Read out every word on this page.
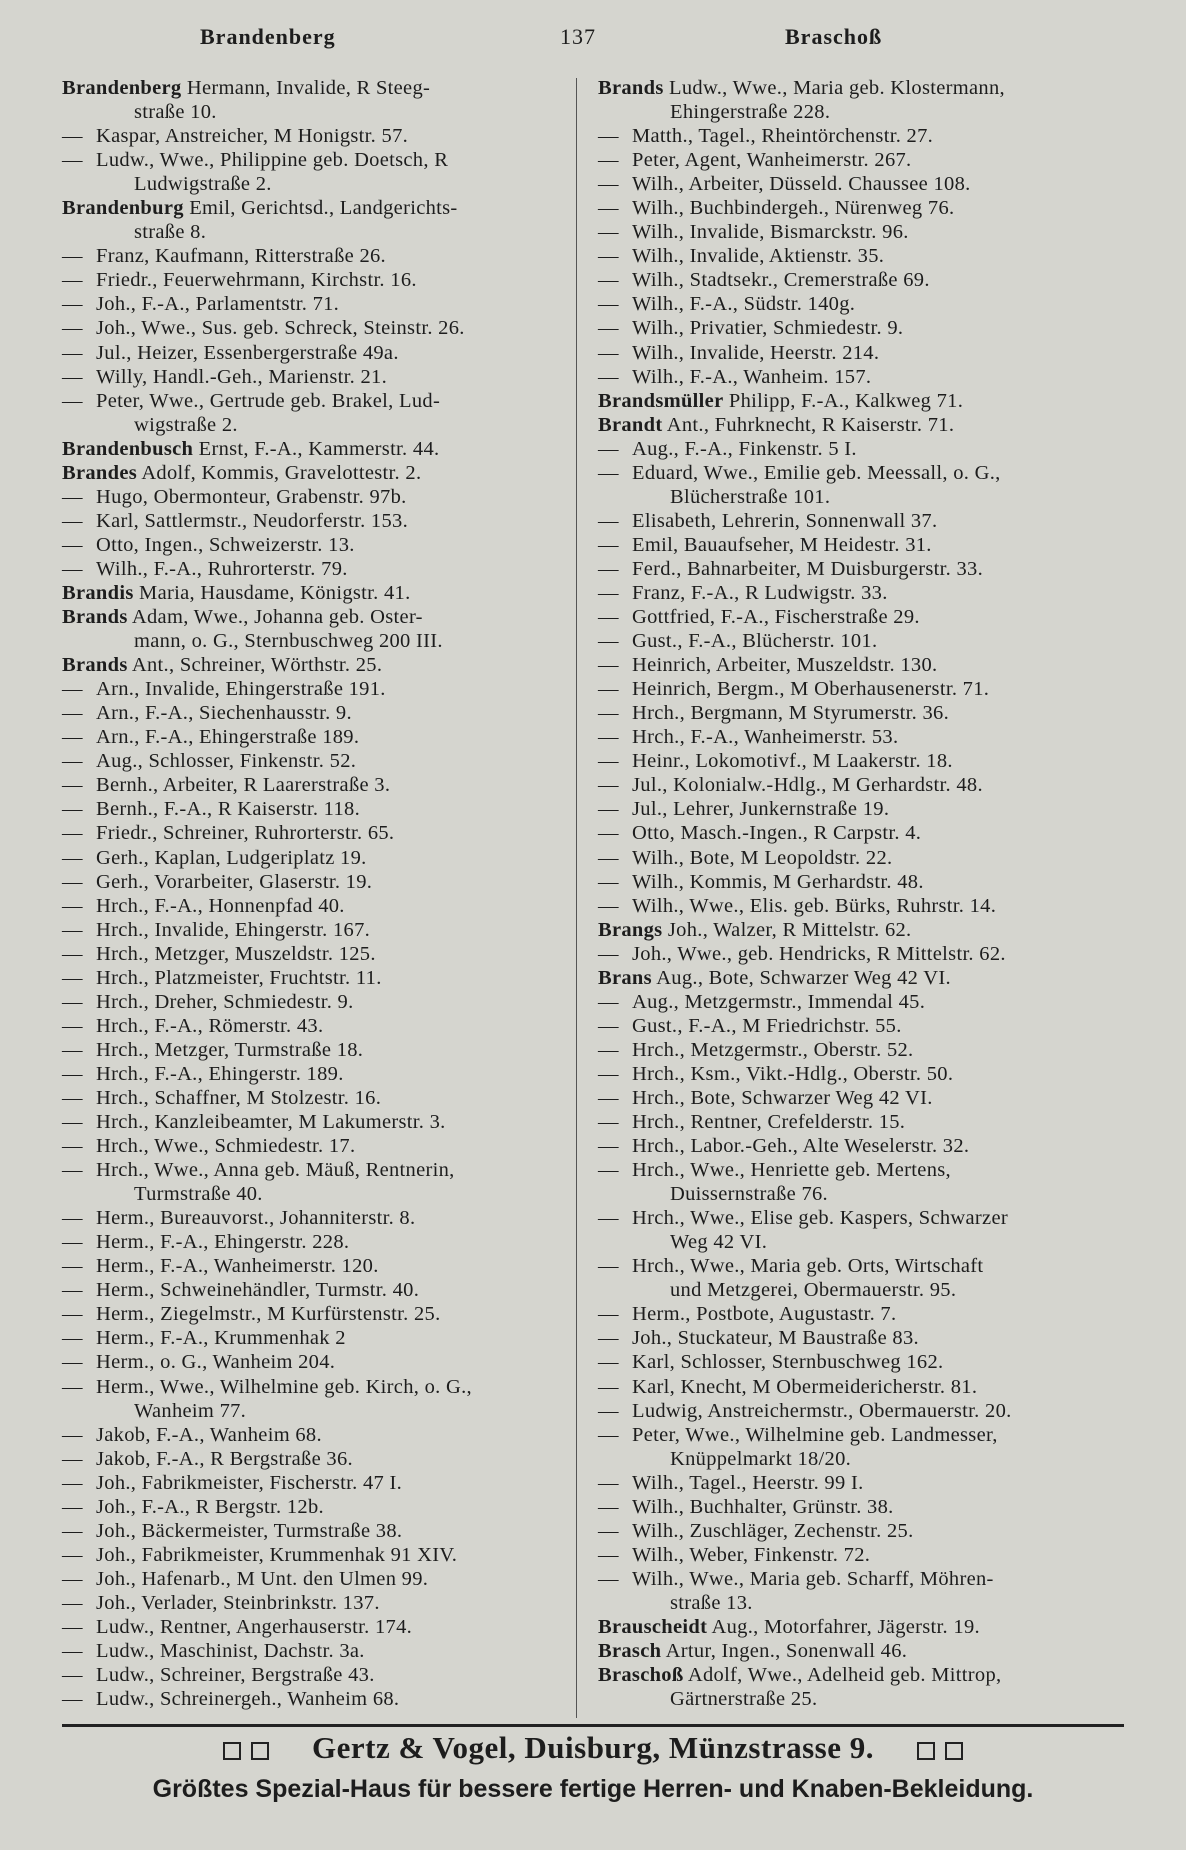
Brandenberg	137	Braschoß
Brandenberg Hermann, Invalide, R Steeg-
straße 10.
— Kaspar, Anstreicher, M Honigstr. 57.
— Ludw., Wwe., Philippine geb. Doetsch, R
Ludwigstraße 2.
Brandenburg Emil, Gerichtsd., Landgerichts-
straße 8.
— Franz, Kaufmann, Ritterstraße 26.
— Friedr., Feuerwehrmann, Kirchstr. 16.
— Joh., F.-A., Parlamentstr. 71.
— Joh., Wwe., Sus. geb. Schreck, Steinstr. 26.
— Jul., Heizer, Essenbergerstraße 49a.
— Willy, Handl.-Geh., Marienstr. 21.
— Peter, Wwe., Gertrude geb. Brakel, Lud-
wigstraße 2.
Brandenbusch Ernst, F.-A., Kammerstr. 44.
Brandes Adolf, Kommis, Gravelottestr. 2.
— Hugo, Obermonteur, Grabenstr. 97b.
— Karl, Sattlermstr., Neudorferstr. 153.
— Otto, Ingen., Schweizerstr. 13.
— Wilh., F.-A., Ruhrorterstr. 79.
Brandis Maria, Hausdame, Königstr. 41.
Brands Adam, Wwe., Johanna geb. Oster-
mann, o. G., Sternbuschweg 200 III.
Brands Ant., Schreiner, Wörthstr. 25.
— Arn., Invalide, Ehingerstraße 191.
— Arn., F.-A., Siechenhausstr. 9.
— Arn., F.-A., Ehingerstraße 189.
— Aug., Schlosser, Finkenstr. 52.
— Bernh., Arbeiter, R Laarerstraße 3.
— Bernh., F.-A., R Kaiserstr. 118.
— Friedr., Schreiner, Ruhrorterstr. 65.
— Gerh., Kaplan, Ludgeriplatz 19.
— Gerh., Vorarbeiter, Glaserstr. 19.
— Hrch., F.-A., Honnenpfad 40.
— Hrch., Invalide, Ehingerstr. 167.
— Hrch., Metzger, Muszeldstr. 125.
— Hrch., Platzmeister, Fruchtstr. 11.
— Hrch., Dreher, Schmiedestr. 9.
— Hrch., F.-A., Römerstr. 43.
— Hrch., Metzger, Turmstraße 18.
— Hrch., F.-A., Ehingerstr. 189.
— Hrch., Schaffner, M Stolzestr. 16.
— Hrch., Kanzleibeamter, M Lakumerstr. 3.
— Hrch., Wwe., Schmiedestr. 17.
— Hrch., Wwe., Anna geb. Mäuß, Rentnerin,
Turmstraße 40.
— Herm., Bureauvorst., Johanniterstr. 8.
— Herm., F.-A., Ehingerstr. 228.
— Herm., F.-A., Wanheimerstr. 120.
— Herm., Schweinehändler, Turmstr. 40.
— Herm., Ziegelmstr., M Kurfürstenstr. 25.
— Herm., F.-A., Krummenhak 2
— Herm., o. G., Wanheim 204.
— Herm., Wwe., Wilhelmine geb. Kirch, o. G.,
Wanheim 77.
— Jakob, F.-A., Wanheim 68.
— Jakob, F.-A., R Bergstraße 36.
— Joh., Fabrikmeister, Fischerstr. 47 I.
— Joh., F.-A., R Bergstr. 12b.
— Joh., Bäckermeister, Turmstraße 38.
— Joh., Fabrikmeister, Krummenhak 91 XIV.
— Joh., Hafenarb., M Unt. den Ulmen 99.
— Joh., Verlader, Steinbrinkstr. 137.
— Ludw., Rentner, Angerhauserstr. 174.
— Ludw., Maschinist, Dachstr. 3a.
— Ludw., Schreiner, Bergstraße 43.
— Ludw., Schreinergeh., Wanheim 68.
Brands Ludw., Wwe., Maria geb. Klostermann,
Ehingerstraße 228.
— Matth., Tagel., Rheintörchenstr. 27.
— Peter, Agent, Wanheimerstr. 267.
— Wilh., Arbeiter, Düsseld. Chaussee 108.
— Wilh., Buchbindergeh., Nürenweg 76.
— Wilh., Invalide, Bismarckstr. 96.
— Wilh., Invalide, Aktienstr. 35.
— Wilh., Stadtsekr., Cremerstraße 69.
— Wilh., F.-A., Südstr. 140g.
— Wilh., Privatier, Schmiedestr. 9.
— Wilh., Invalide, Heerstr. 214.
— Wilh., F.-A., Wanheim. 157.
Brandsmüller Philipp, F.-A., Kalkweg 71.
Brandt Ant., Fuhrknecht, R Kaiserstr. 71.
— Aug., F.-A., Finkenstr. 5 I.
— Eduard, Wwe., Emilie geb. Meessall, o. G.,
Blücherstraße 101.
— Elisabeth, Lehrerin, Sonnenwall 37.
— Emil, Bauaufseher, M Heidestr. 31.
— Ferd., Bahnarbeiter, M Duisburgerstr. 33.
— Franz, F.-A., R Ludwigstr. 33.
— Gottfried, F.-A., Fischerstraße 29.
— Gust., F.-A., Blücherstr. 101.
— Heinrich, Arbeiter, Muszeldstr. 130.
— Heinrich, Bergm., M Oberhausenerstr. 71.
— Hrch., Bergmann, M Styrumerstr. 36.
— Hrch., F.-A., Wanheimerstr. 53.
— Heinr., Lokomotivf., M Laakerstr. 18.
— Jul., Kolonialw.-Hdlg., M Gerhardstr. 48.
— Jul., Lehrer, Junkernstraße 19.
— Otto, Masch.-Ingen., R Carpstr. 4.
— Wilh., Bote, M Leopoldstr. 22.
— Wilh., Kommis, M Gerhardstr. 48.
— Wilh., Wwe., Elis. geb. Bürks, Ruhrstr. 14.
Brangs Joh., Walzer, R Mittelstr. 62.
— Joh., Wwe., geb. Hendricks, R Mittelstr. 62.
Brans Aug., Bote, Schwarzer Weg 42 VI.
— Aug., Metzgermstr., Immendal 45.
— Gust., F.-A., M Friedrichstr. 55.
— Hrch., Metzgermstr., Oberstr. 52.
— Hrch., Ksm., Vikt.-Hdlg., Oberstr. 50.
— Hrch., Bote, Schwarzer Weg 42 VI.
— Hrch., Rentner, Crefelderstr. 15.
— Hrch., Labor.-Geh., Alte Weselerstr. 32.
— Hrch., Wwe., Henriette geb. Mertens,
Duissernstraße 76.
— Hrch., Wwe., Elise geb. Kaspers, Schwarzer
Weg 42 VI.
— Hrch., Wwe., Maria geb. Orts, Wirtschaft
und Metzgerei, Obermauerstr. 95.
— Herm., Postbote, Augustastr. 7.
— Joh., Stuckateur, M Baustraße 83.
— Karl, Schlosser, Sternbuschweg 162.
— Karl, Knecht, M Obermeidericherstr. 81.
— Ludwig, Anstreichermstr., Obermauerstr. 20.
— Peter, Wwe., Wilhelmine geb. Landmesser,
Knüppelmarkt 18/20.
— Wilh., Tagel., Heerstr. 99 I.
— Wilh., Buchhalter, Grünstr. 38.
— Wilh., Zuschläger, Zechenstr. 25.
— Wilh., Weber, Finkenstr. 72.
— Wilh., Wwe., Maria geb. Scharff, Möhren-
straße 13.
Brauscheidt Aug., Motorfahrer, Jägerstr. 19.
Brasch Artur, Ingen., Sonenwall 46.
Braschoß Adolf, Wwe., Adelheid geb. Mittrop,
Gärtnerstraße 25.
Gertz & Vogel, Duisburg, Münzstrasse 9.
Größtes Spezial-Haus für bessere fertige Herren- und Knaben-Bekleidung.
